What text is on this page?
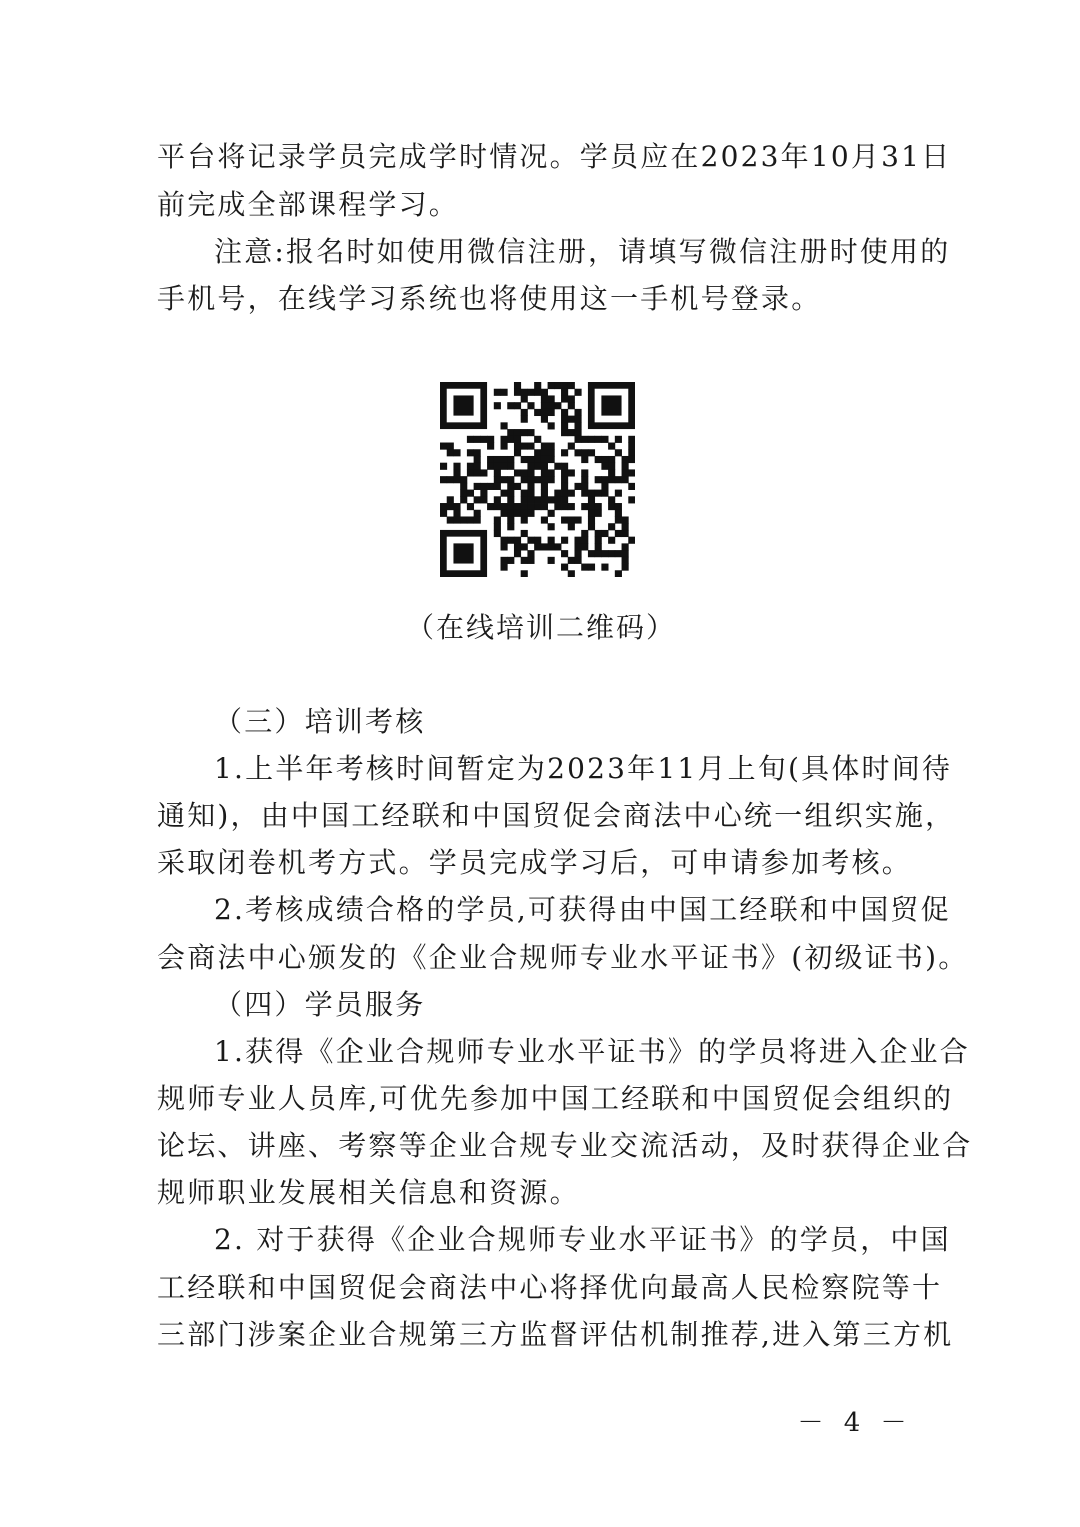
平台将记录学员完成学时情况。学员应在2023年10月31日
前完成全部课程学习。
注意:报名时如使用微信注册，请填写微信注册时使用的
手机号，在线学习系统也将使用这一手机号登录。
（在线培训二维码）
（三）培训考核
1.上半年考核时间暂定为2023年11月上旬(具体时间待
通知)，由中国工经联和中国贸促会商法中心统一组织实施，
采取闭卷机考方式。学员完成学习后，可申请参加考核。
2.考核成绩合格的学员,可获得由中国工经联和中国贸促
会商法中心颁发的《企业合规师专业水平证书》(初级证书)。
（四）学员服务
1.获得《企业合规师专业水平证书》的学员将进入企业合
规师专业人员库,可优先参加中国工经联和中国贸促会组织的
论坛、讲座、考察等企业合规专业交流活动，及时获得企业合
规师职业发展相关信息和资源。
2. 对于获得《企业合规师专业水平证书》的学员，中国
工经联和中国贸促会商法中心将择优向最高人民检察院等十
三部门涉案企业合规第三方监督评估机制推荐,进入第三方机
－ 4 －
